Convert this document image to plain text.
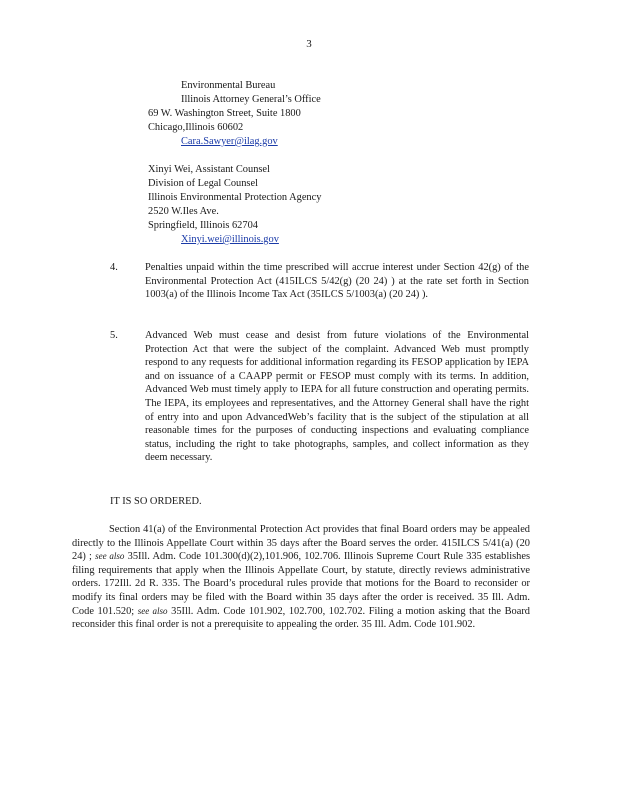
3
Environmental Bureau
Illinois Attorney General’s Office
69 W. Washington Street, Suite 1800
Chicago,Illinois 60602
Cara.Sawyer@ilag.gov
Xinyi Wei, Assistant Counsel
Division of Legal Counsel
Illinois Environmental Protection Agency
2520 W.Iles Ave.
Springfield, Illinois 62704
Xinyi.wei@illinois.gov
4.	Penalties unpaid within the time prescribed will accrue interest under Section 42(g) of the Environmental Protection Act (415ILCS 5/42(g) (20 24) ) at the rate set forth in Section 1003(a) of the Illinois Income Tax Act (35ILCS 5/1003(a) (20 24) ).
5.	Advanced Web must cease and desist from future violations of the Environmental Protection Act that were the subject of the complaint. Advanced Web must promptly respond to any requests for additional information regarding its FESOP application by IEPA and on issuance of a CAAPP permit or FESOP must comply with its terms. In addition, Advanced Web must timely apply to IEPA for all future construction and operating permits. The IEPA, its employees and representatives, and the Attorney General shall have the right of entry into and upon AdvancedWeb’s facility that is the subject of the stipulation at all reasonable times for the purposes of conducting inspections and evaluating compliance status, including the right to take photographs, samples, and collect information as they deem necessary.
IT IS SO ORDERED.
Section 41(a) of the Environmental Protection Act provides that final Board orders may be appealed directly to the Illinois Appellate Court within 35 days after the Board serves the order. 415ILCS 5/41(a) (20 24) ; see also 35Ill. Adm. Code 101.300(d)(2),101.906, 102.706. Illinois Supreme Court Rule 335 establishes filing requirements that apply when the Illinois Appellate Court, by statute, directly reviews administrative orders. 172Ill. 2d R. 335. The Board’s procedural rules provide that motions for the Board to reconsider or modify its final orders may be filed with the Board within 35 days after the order is received. 35 Ill. Adm. Code 101.520; see also 35Ill. Adm. Code 101.902, 102.700, 102.702. Filing a motion asking that the Board reconsider this final order is not a prerequisite to appealing the order. 35 Ill. Adm. Code 101.902.
